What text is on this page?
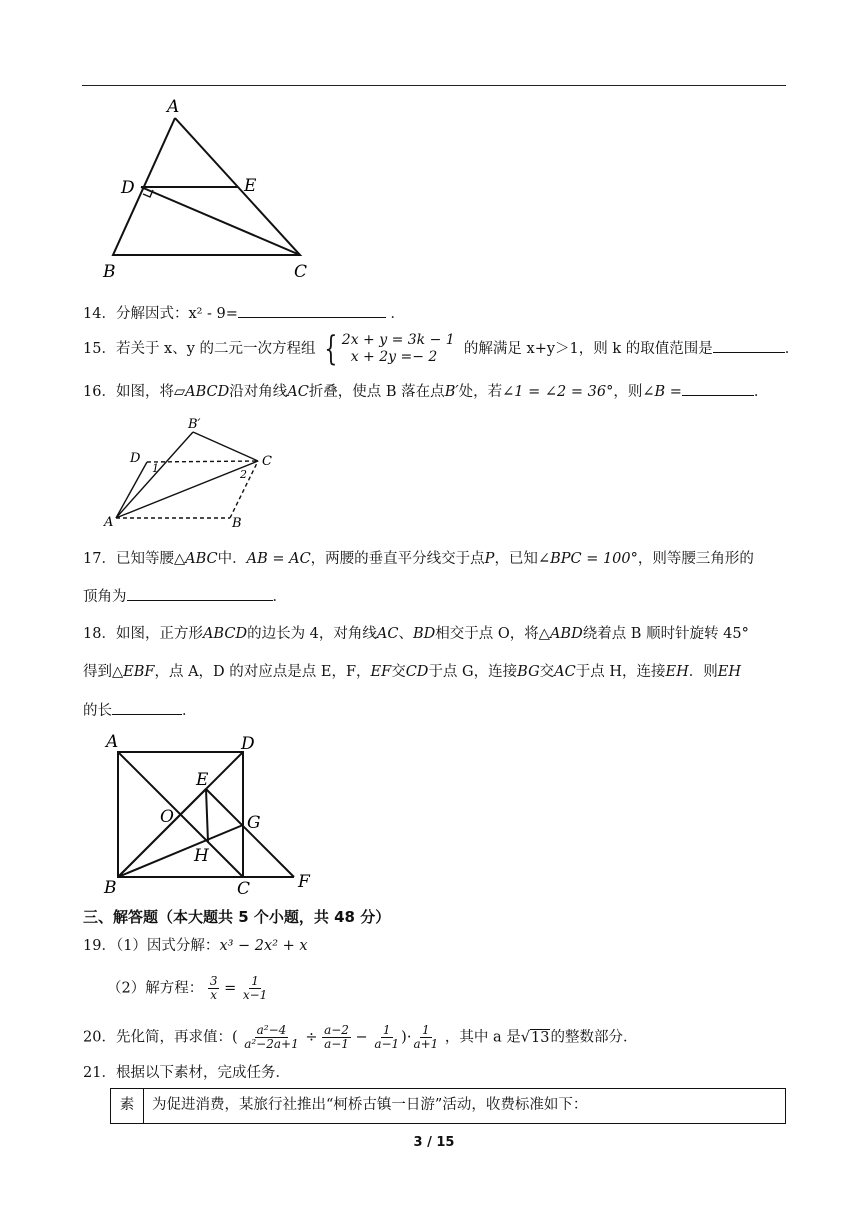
A
D	E
B	C
14．分解因式：x² - 9=	．
15．若关于 x、y 的二元一次方程组 { 2x + y = 3k − 1
x + 2y =− 2 的解满足 x+y＞1，则 k 的取值范围是	．
16．如图，将▱ABCD沿对角线AC折叠，使点 B 落在点B′处，若∠1 = ∠2 = 36°，则∠B =	．
B′
D	C
A	B
1	2
17．已知等腰△ABC中．AB = AC，两腰的垂直平分线交于点P，已知∠BPC = 100°，则等腰三角形的
顶角为	．
18．如图，正方形ABCD的边长为 4，对角线AC、BD相交于点 O，将△ABD绕着点 B 顺时针旋转 45°
得到△EBF，点 A，D 的对应点是点 E，F，EF交CD于点 G，连接BG交AC于点 H，连接EH．则EH
的长	．
A	D
E
O	G
H
B	C	F
三、解答题（本大题共 5 个小题，共 48 分）
19．（1）因式分解：x³ − 2x² + x
（2）解方程： $\frac{3}{x} = \frac{1}{x-1}$
20．先化简，再求值：( $\frac{\text{a²−4}}{\text{a²−2a+1}} \div \frac{a-2}{a-1} - \frac{1}{a-1}$ )· $\frac{1}{a+1}$ ，其中 a 是√13的整数部分．
21．根据以下素材，完成任务．
素	为促进消费，某旅行社推出“柯桥古镇一日游”活动，收费标准如下：
3 / 15
